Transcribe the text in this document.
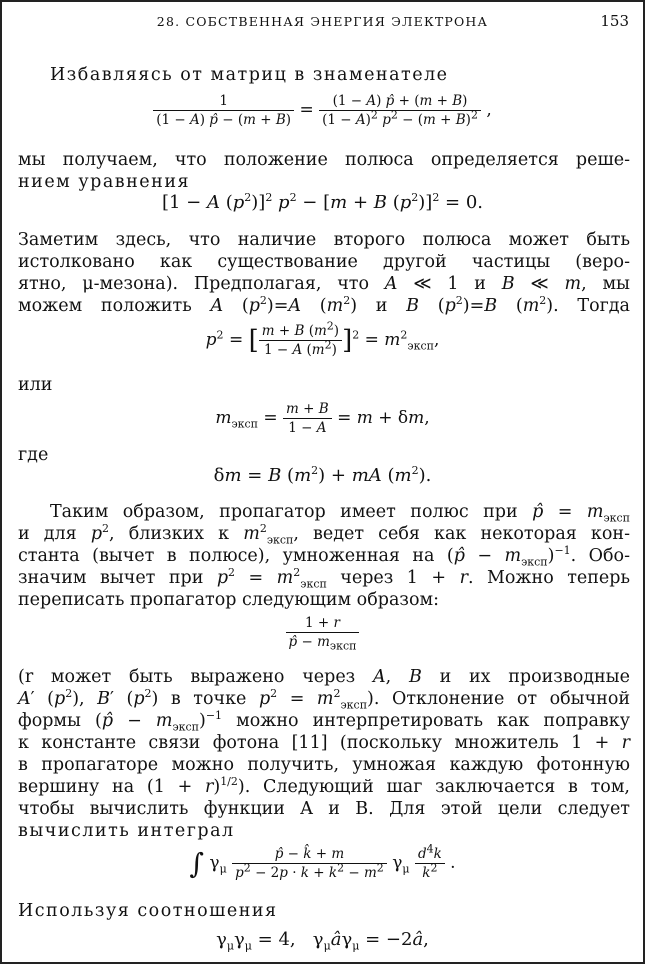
28. СОБСТВЕННАЯ ЭНЕРГИЯ ЭЛЕКТРОНА	153
Избавляясь от матриц в знаменателе
$\frac{1}{(1 - A) p̂ - (m + B)} = \frac{(1 - A) p̂ + (m + B)}{(1 - A)^2 p^2 - (m + B)^2}$ ,
мы получаем, что положение полюса определяется реше-
нием уравнения
[1 − A $(p^2)]^2$ $p^2 - [m + B$ $(p^2)]^2 = 0$.
Заметим здесь, что наличие второго полюса может быть
истолковано как существование другой частицы (веро-
ятно, μ-мезона). Предполагая, что A ≪ 1 и B ≪ m, мы
можем положить A $(p^2)=A$ $(m^2)$ и B $(p^2)=B$ $(m^2)$. Тогда
$p^2$ = [ $\frac{m + B (m^2)}{1 - A (m^2)} ]^2 = m^2_{эксп}$,
или
$m_{эксп} = \frac{m + B}{1 - A} = m + \delta m$,
где
δm = B $(m^2)$ + mA $(m^2)$.
Таким образом, пропагатор имеет полюс при p̂ = $m_{эксп}$
и для $p^2$, близких к $m^2_{эксп}$, ведет себя как некоторая кон-
станта (вычет в полюсе), умноженная на (p̂ − $m_{эксп})^{-1}$. Обо-
значим вычет при $p^2 = m^2_{эксп}$ через 1 + r. Можно теперь
переписать пропагатор следующим образом:
$\frac{1 + r}{p̂ - m_{эксп}}$
(r может быть выражено через A, B и их производные
A′ $(p^2)$, B′ $(p^2)$ в точке $p^2 = m^2_{эксп}$). Отклонение от обычной
формы (p̂ − $m_{эксп})^{-1}$ можно интерпретировать как поправку
к константе связи фотона [11] (поскольку множитель 1 + r
в пропагаторе можно получить, умножая каждую фотонную
вершину на $(1 + r)^{1/2}$). Следующий шаг заключается в том,
чтобы вычислить функции A и B. Для этой цели следует
вычислить интеграл
∫ $\gamma_\mu \frac{p̂ - k̂ + m}{p^2 - 2p \cdot k + k^2 - m^2} \gamma_\mu \frac{d^4k}{k^2}$ .
Используя соотношения
$\gamma_\mu\gamma_\mu = 4$,   $\gamma_\mu â\gamma_\mu$ = −2â,
